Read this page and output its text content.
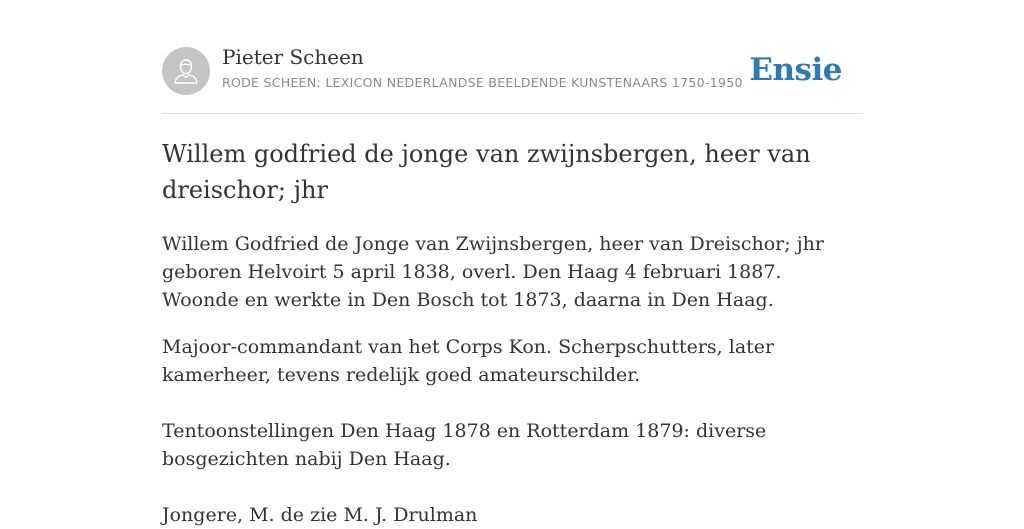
Pieter Scheen
RODE SCHEEN: LEXICON NEDERLANDSE BEELDENDE KUNSTENAARS 1750-1950 Ensie
Willem godfried de jonge van zwijnsbergen, heer van dreischor; jhr

Willem Godfried de Jonge van Zwijnsbergen, heer van Dreischor; jhr geboren Helvoirt 5 april 1838, overl. Den Haag 4 februari 1887. Woonde en werkte in Den Bosch tot 1873, daarna in Den Haag.

Majoor-commandant van het Corps Kon. Scherpschutters, later kamerheer, tevens redelijk goed amateurschilder.

Tentoonstellingen Den Haag 1878 en Rotterdam 1879: diverse bosgezichten nabij Den Haag.

Jongere, M. de zie M. J. Drulman
